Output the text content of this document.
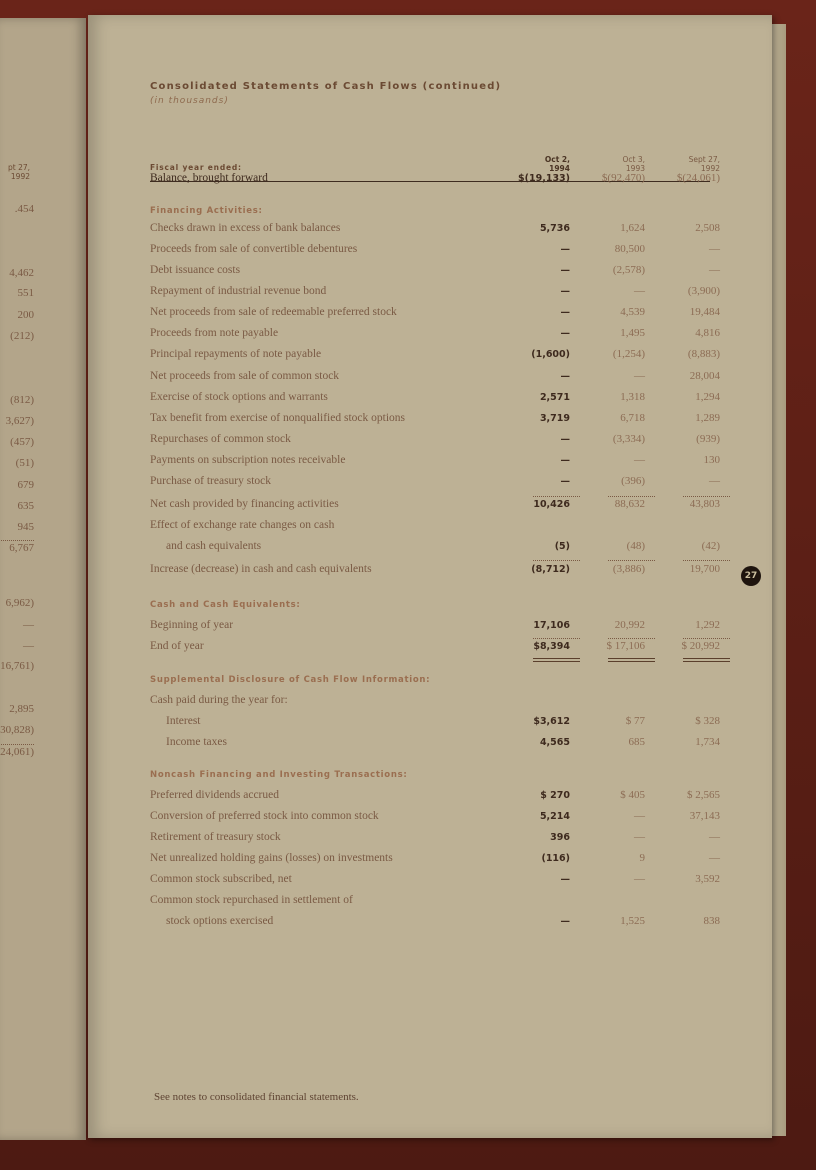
pt 27,
1992
.454
4,462
551
200
(212)
(812)
3,627)
(457)
(51)
679
635
945
6,767
6,962)
—
—
16,761)
2,895
30,828)
24,061)
Consolidated Statements of Cash Flows (continued)
(in thousands)
Fiscal year ended:
Oct 2,
1994
Oct 3,
1993
Sept 27,
1992
Financing Activities:
Cash and Cash Equivalents:
Supplemental Disclosure of Cash Flow Information:
Noncash Financing and Investing Transactions:
Balance, brought forward	$(19,133)	$(92,470)	$(24,061)
Checks drawn in excess of bank balances	5,736	1,624	2,508
Proceeds from sale of convertible debentures	—	80,500	—
Debt issuance costs	—	(2,578)	—
Repayment of industrial revenue bond	—	—	(3,900)
Net proceeds from sale of redeemable preferred stock	—	4,539	19,484
Proceeds from note payable	—	1,495	4,816
Principal repayments of note payable	(1,600)	(1,254)	(8,883)
Net proceeds from sale of common stock	—	—	28,004
Exercise of stock options and warrants	2,571	1,318	1,294
Tax benefit from exercise of nonqualified stock options	3,719	6,718	1,289
Repurchases of common stock	—	(3,334)	(939)
Payments on subscription notes receivable	—	—	130
Purchase of treasury stock	—	(396)	—
Net cash provided by financing activities	10,426	88,632	43,803
Effect of exchange rate changes on cash
and cash equivalents	(5)	(48)	(42)
Increase (decrease) in cash and cash equivalents	(8,712)	(3,886)	19,700
Beginning of year	17,106	20,992	1,292
End of year	$8,394	$ 17,106	$ 20,992
Cash paid during the year for:
Interest	$3,612	$ 77	$ 328
Income taxes	4,565	685	1,734
Preferred dividends accrued	$ 270	$ 405	$ 2,565
Conversion of preferred stock into common stock	5,214	—	37,143
Retirement of treasury stock	396	—	—
Net unrealized holding gains (losses) on investments	(116)	9	—
Common stock subscribed, net	—	—	3,592
Common stock repurchased in settlement of
stock options exercised	—	1,525	838
See notes to consolidated financial statements.
27
